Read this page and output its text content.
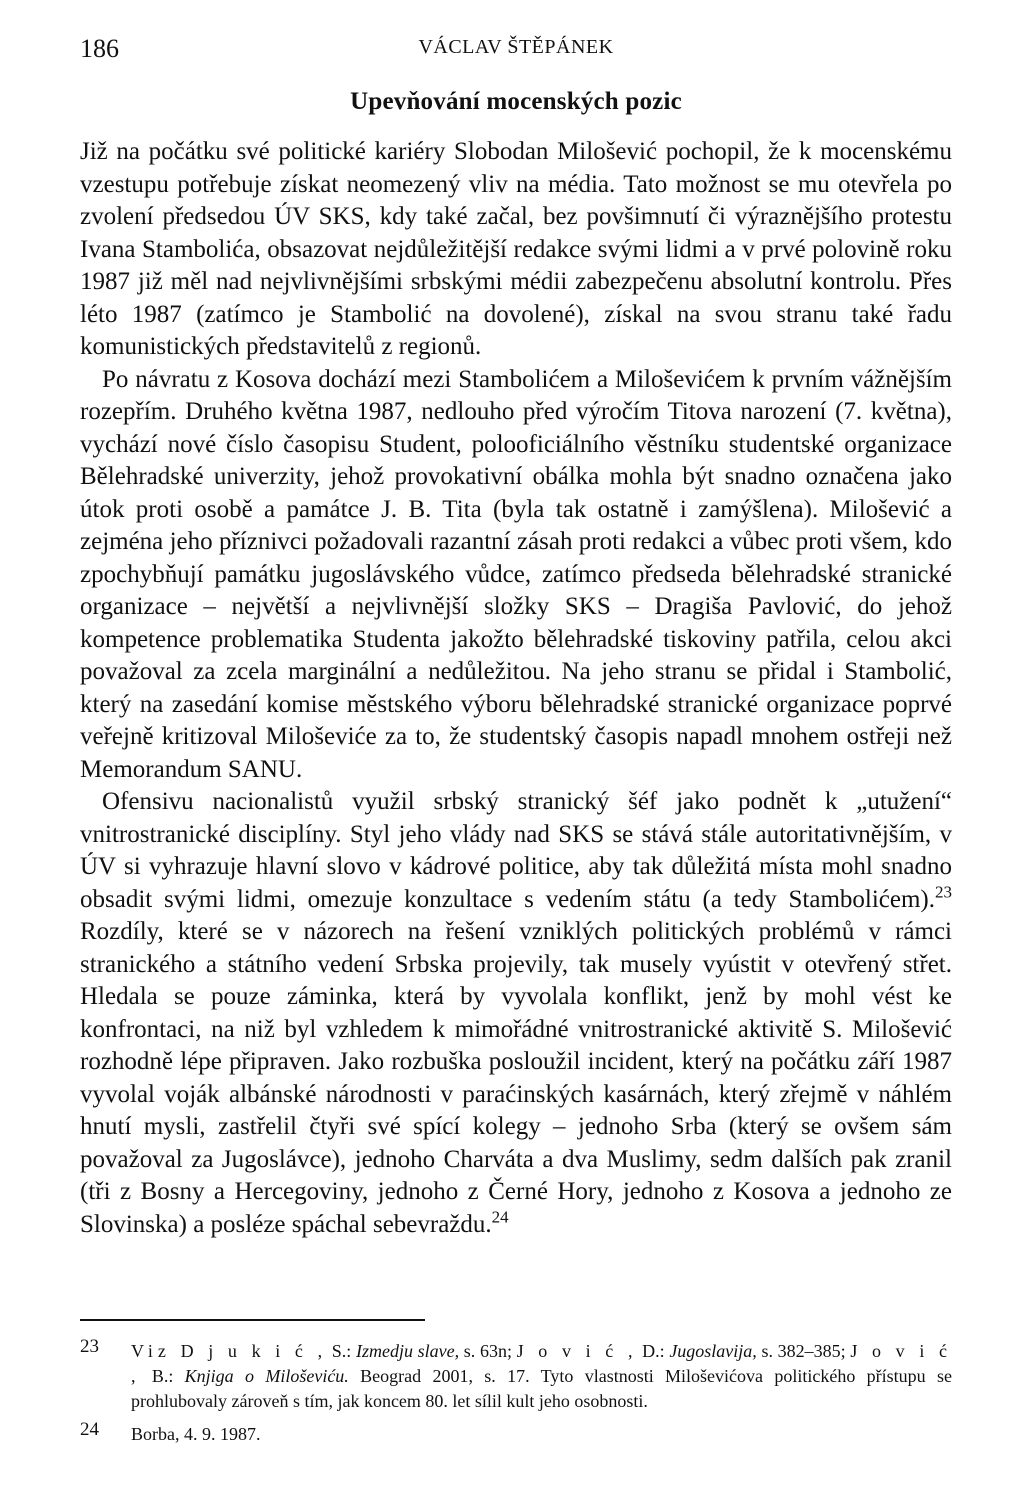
186	VÁCLAV ŠTĚPÁNEK
Upevňování mocenských pozic

Již na počátku své politické kariéry Slobodan Milošević pochopil, že k mocenskému vzestupu potřebuje získat neomezený vliv na média. Tato možnost se mu otevřela po zvolení předsedou ÚV SKS, kdy také začal, bez povšimnutí či výraznějšího protestu Ivana Stambolića, obsazovat nejdůležitější redakce svými lidmi a v prvé polovině roku 1987 již měl nad nejvlivnějšími srbskými médii zabezpečenu absolutní kontrolu. Přes léto 1987 (zatímco je Stambolić na dovolené), získal na svou stranu také řadu komunistických představitelů z regionů.

Po návratu z Kosova dochází mezi Stambolićem a Miloševićem k prvním vážnějším rozepřím. Druhého května 1987, nedlouho před výročím Titova narození (7. května), vychází nové číslo časopisu Student, polooficiálního věstníku studentské organizace Bělehradské univerzity, jehož provokativní obálka mohla být snadno označena jako útok proti osobě a památce J. B. Tita (byla tak ostatně i zamýšlena). Milošević a zejména jeho příznivci požadovali razantní zásah proti redakci a vůbec proti všem, kdo zpochybňují památku jugoslávského vůdce, zatímco předseda bělehradské stranické organizace – největší a nejvlivnější složky SKS – Dragiša Pavlović, do jehož kompetence problematika Studenta jakožto bělehradské tiskoviny patřila, celou akci považoval za zcela marginální a nedůležitou. Na jeho stranu se přidal i Stambolić, který na zasedání komise městského výboru bělehradské stranické organizace poprvé veřejně kritizoval Miloševiće za to, že studentský časopis napadl mnohem ostřeji než Memorandum SANU.

Ofensivu nacionalistů využil srbský stranický šéf jako podnět k „utužení“ vnitrostranické disciplíny. Styl jeho vlády nad SKS se stává stále autoritativnějším, v ÚV si vyhrazuje hlavní slovo v kádrové politice, aby tak důležitá místa mohl snadno obsadit svými lidmi, omezuje konzultace s vedením státu (a tedy Stambolićem).$^{23}$ Rozdíly, které se v názorech na řešení vzniklých politických problémů v rámci stranického a státního vedení Srbska projevily, tak musely vyústit v otevřený střet. Hledala se pouze záminka, která by vyvolala konflikt, jenž by mohl vést ke konfrontaci, na niž byl vzhledem k mimořádné vnitrostranické aktivitě S. Milošević rozhodně lépe připraven. Jako rozbuška posloužil incident, který na počátku září 1987 vyvolal voják albánské národnosti v paraćinských kasárnách, který zřejmě v náhlém hnutí mysli, zastřelil čtyři své spící kolegy – jednoho Srba (který se ovšem sám považoval za Jugoslávce), jednoho Charváta a dva Muslimy, sedm dalších pak zranil (tři z Bosny a Hercegoviny, jednoho z Černé Hory, jednoho z Kosova a jednoho ze Slovinska) a posléze spáchal sebevraždu.$^{24}$

23 Viz D j u k i ć , S.: Izmedju slave, s. 63n; J o v i ć , D.: Jugoslavija, s. 382–385; J o v i ć , B.: Knjiga o Miloševiću. Beograd 2001, s. 17. Tyto vlastnosti Miloševićova politického přístupu se prohlubovaly zároveň s tím, jak koncem 80. let sílil kult jeho osobnosti.
24 Borba, 4. 9. 1987.
